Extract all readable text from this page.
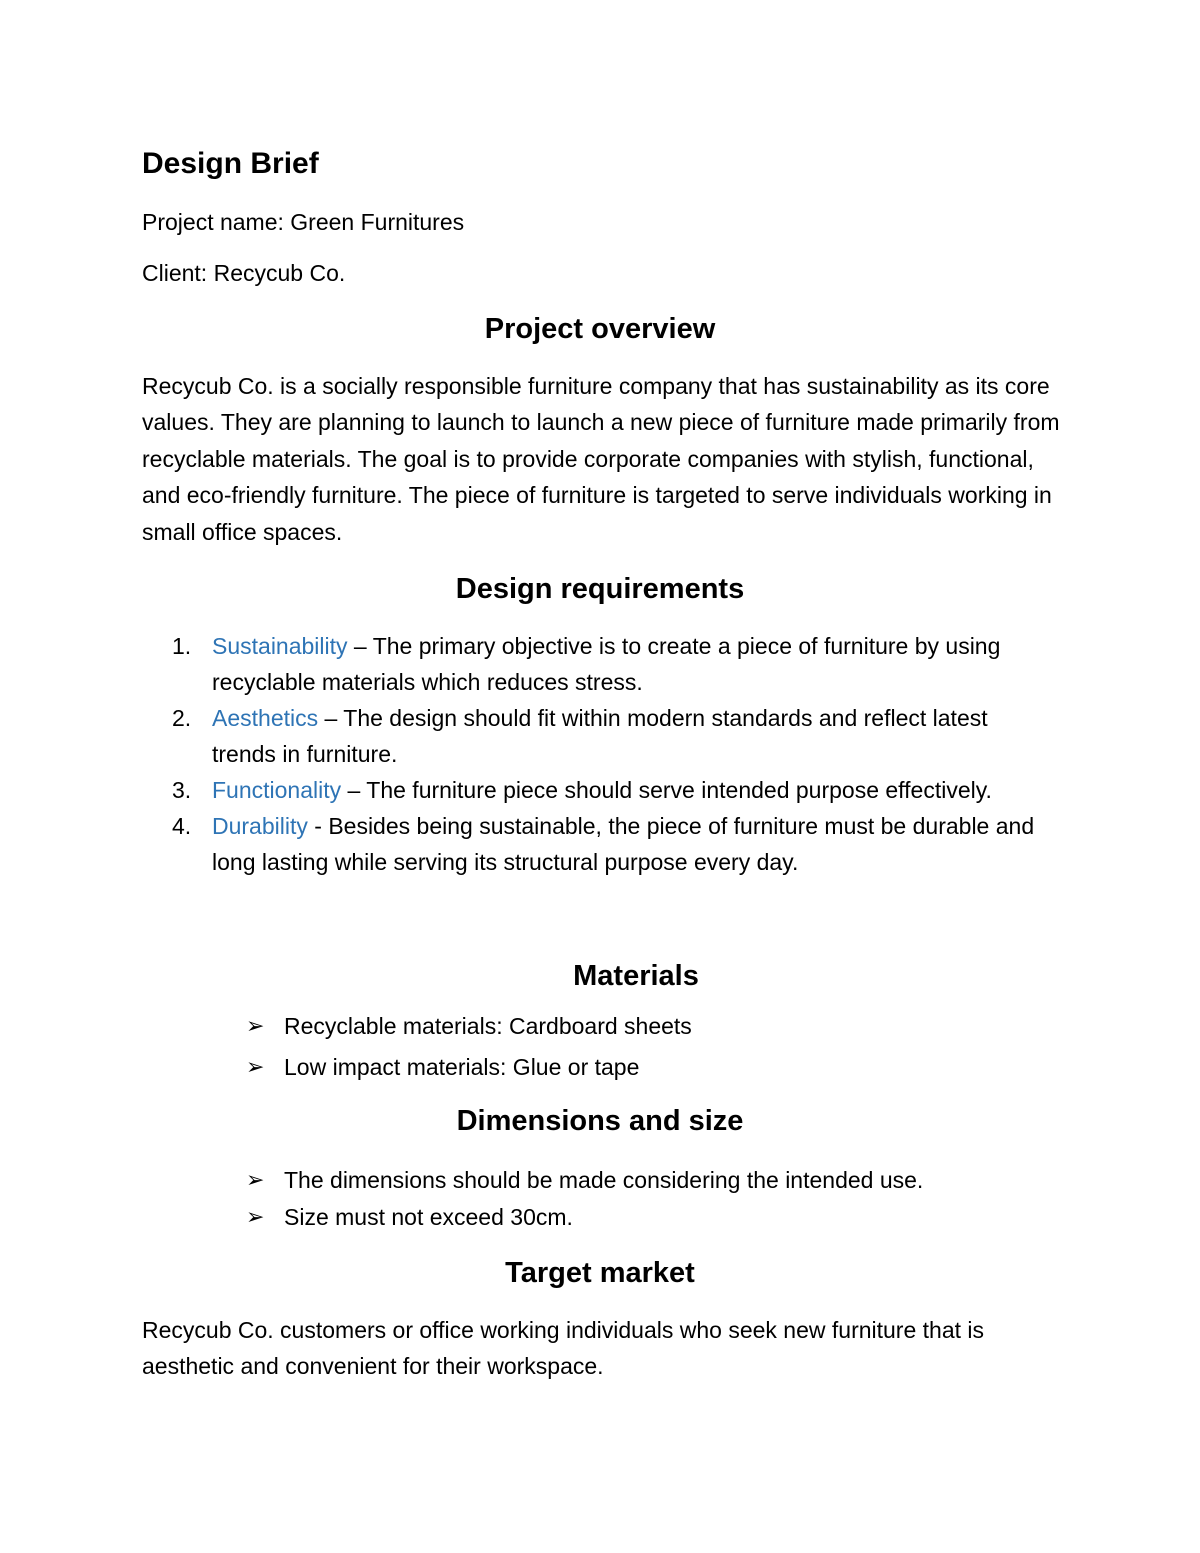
Design Brief

Project name: Green Furnitures

Client: Recycub Co.

Project overview

Recycub Co. is a socially responsible furniture company that has sustainability as its core values. They are planning to launch to launch a new piece of furniture made primarily from recyclable materials. The goal is to provide corporate companies with stylish, functional, and eco-friendly furniture. The piece of furniture is targeted to serve individuals working in small office spaces.

Design requirements
1. Sustainability – The primary objective is to create a piece of furniture by using recyclable materials which reduces stress.
2. Aesthetics – The design should fit within modern standards and reflect latest trends in furniture.
3. Functionality – The furniture piece should serve intended purpose effectively.
4. Durability - Besides being sustainable, the piece of furniture must be durable and long lasting while serving its structural purpose every day.
Materials
➢ Recyclable materials: Cardboard sheets
➢ Low impact materials: Glue or tape
Dimensions and size
➢ The dimensions should be made considering the intended use.
➢ Size must not exceed 30cm.
Target market

Recycub Co. customers or office working individuals who seek new furniture that is aesthetic and convenient for their workspace.
